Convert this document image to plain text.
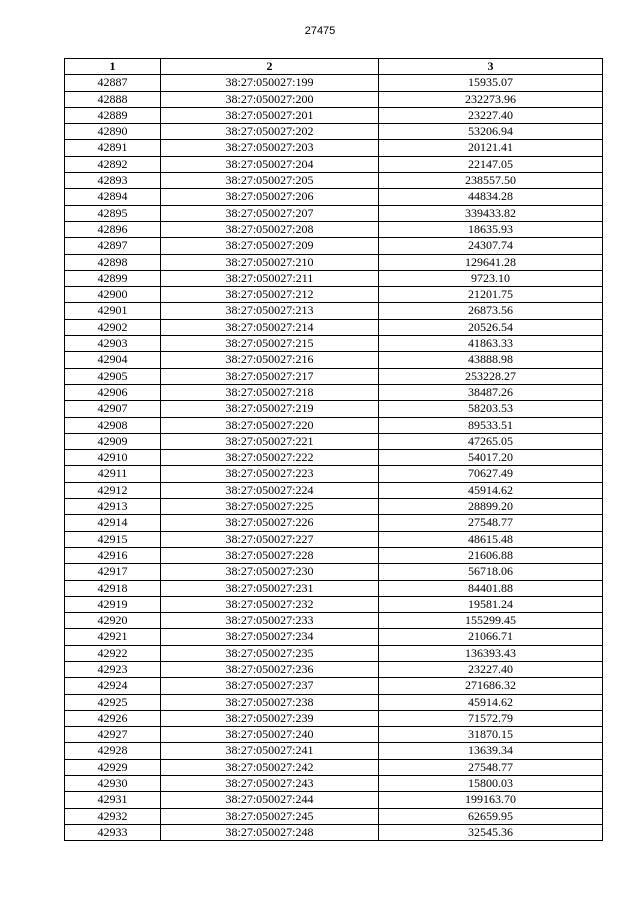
27475
1	2	3
42887	38:27:050027:199	15935.07
42888	38:27:050027:200	232273.96
42889	38:27:050027:201	23227.40
42890	38:27:050027:202	53206.94
42891	38:27:050027:203	20121.41
42892	38:27:050027:204	22147.05
42893	38:27:050027:205	238557.50
42894	38:27:050027:206	44834.28
42895	38:27:050027:207	339433.82
42896	38:27:050027:208	18635.93
42897	38:27:050027:209	24307.74
42898	38:27:050027:210	129641.28
42899	38:27:050027:211	9723.10
42900	38:27:050027:212	21201.75
42901	38:27:050027:213	26873.56
42902	38:27:050027:214	20526.54
42903	38:27:050027:215	41863.33
42904	38:27:050027:216	43888.98
42905	38:27:050027:217	253228.27
42906	38:27:050027:218	38487.26
42907	38:27:050027:219	58203.53
42908	38:27:050027:220	89533.51
42909	38:27:050027:221	47265.05
42910	38:27:050027:222	54017.20
42911	38:27:050027:223	70627.49
42912	38:27:050027:224	45914.62
42913	38:27:050027:225	28899.20
42914	38:27:050027:226	27548.77
42915	38:27:050027:227	48615.48
42916	38:27:050027:228	21606.88
42917	38:27:050027:230	56718.06
42918	38:27:050027:231	84401.88
42919	38:27:050027:232	19581.24
42920	38:27:050027:233	155299.45
42921	38:27:050027:234	21066.71
42922	38:27:050027:235	136393.43
42923	38:27:050027:236	23227.40
42924	38:27:050027:237	271686.32
42925	38:27:050027:238	45914.62
42926	38:27:050027:239	71572.79
42927	38:27:050027:240	31870.15
42928	38:27:050027:241	13639.34
42929	38:27:050027:242	27548.77
42930	38:27:050027:243	15800.03
42931	38:27:050027:244	199163.70
42932	38:27:050027:245	62659.95
42933	38:27:050027:248	32545.36
